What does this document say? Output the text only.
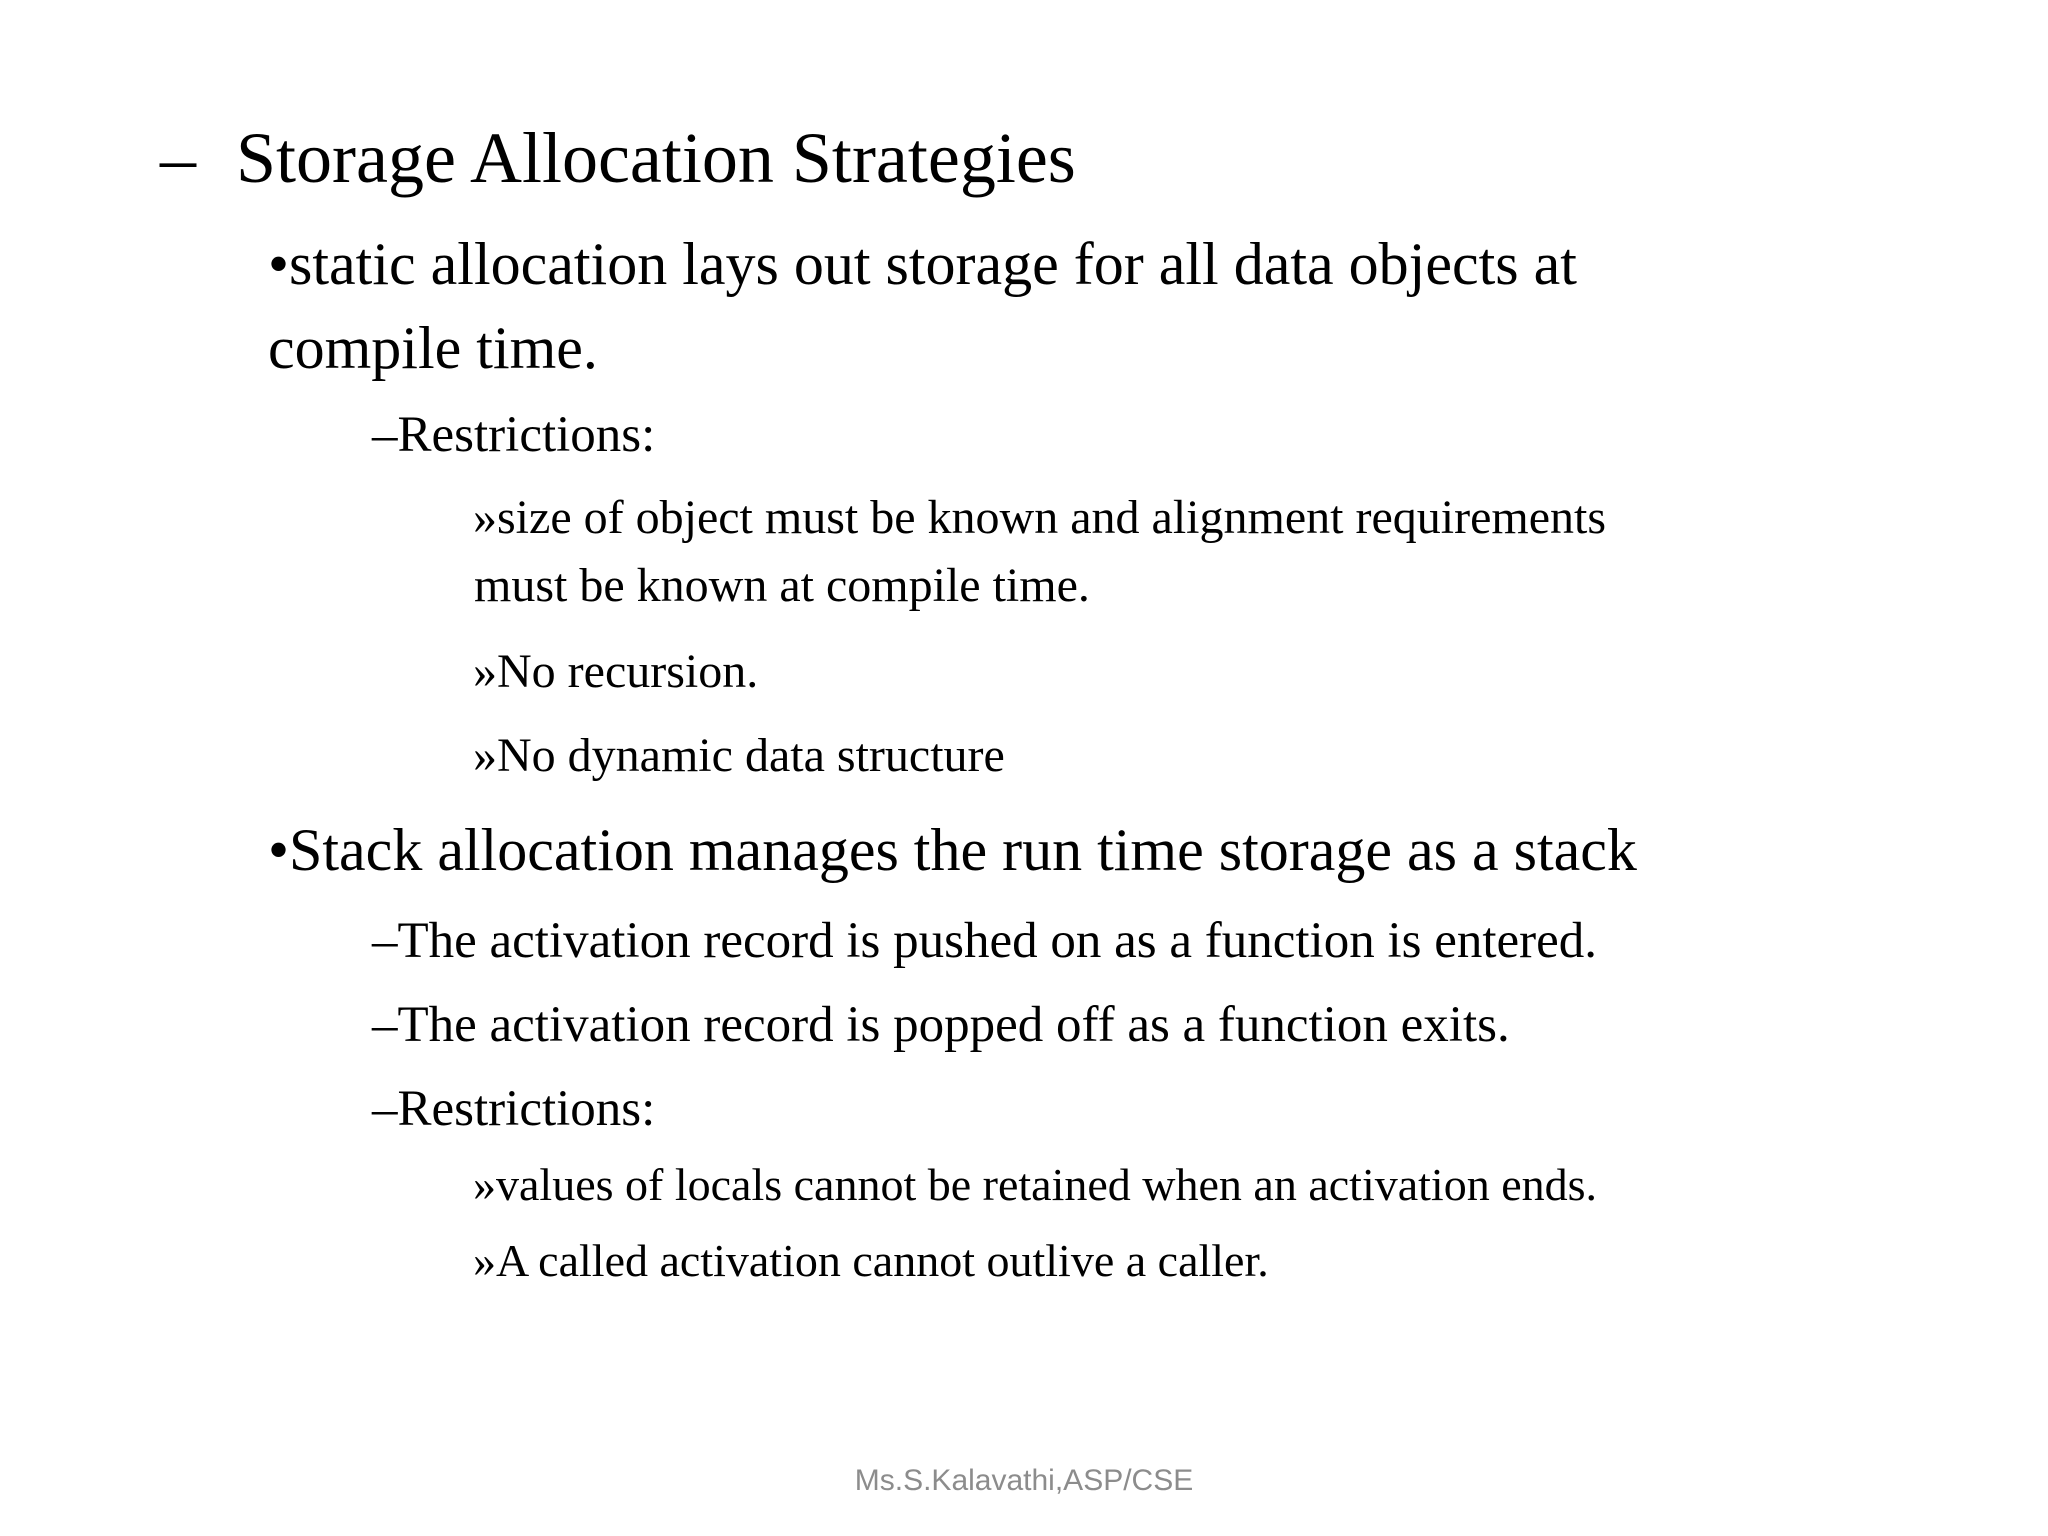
– Storage Allocation Strategies
•static allocation lays out storage for all data objects at
compile time.
–Restrictions:
»size of object must be known and alignment requirements
must be known at compile time.
»No recursion.
»No dynamic data structure
•Stack allocation manages the run time storage as a stack
–The activation record is pushed on as a function is entered.
–The activation record is popped off as a function exits.
–Restrictions:
»values of locals cannot be retained when an activation ends.
»A called activation cannot outlive a caller.
Ms.S.Kalavathi,ASP/CSE
